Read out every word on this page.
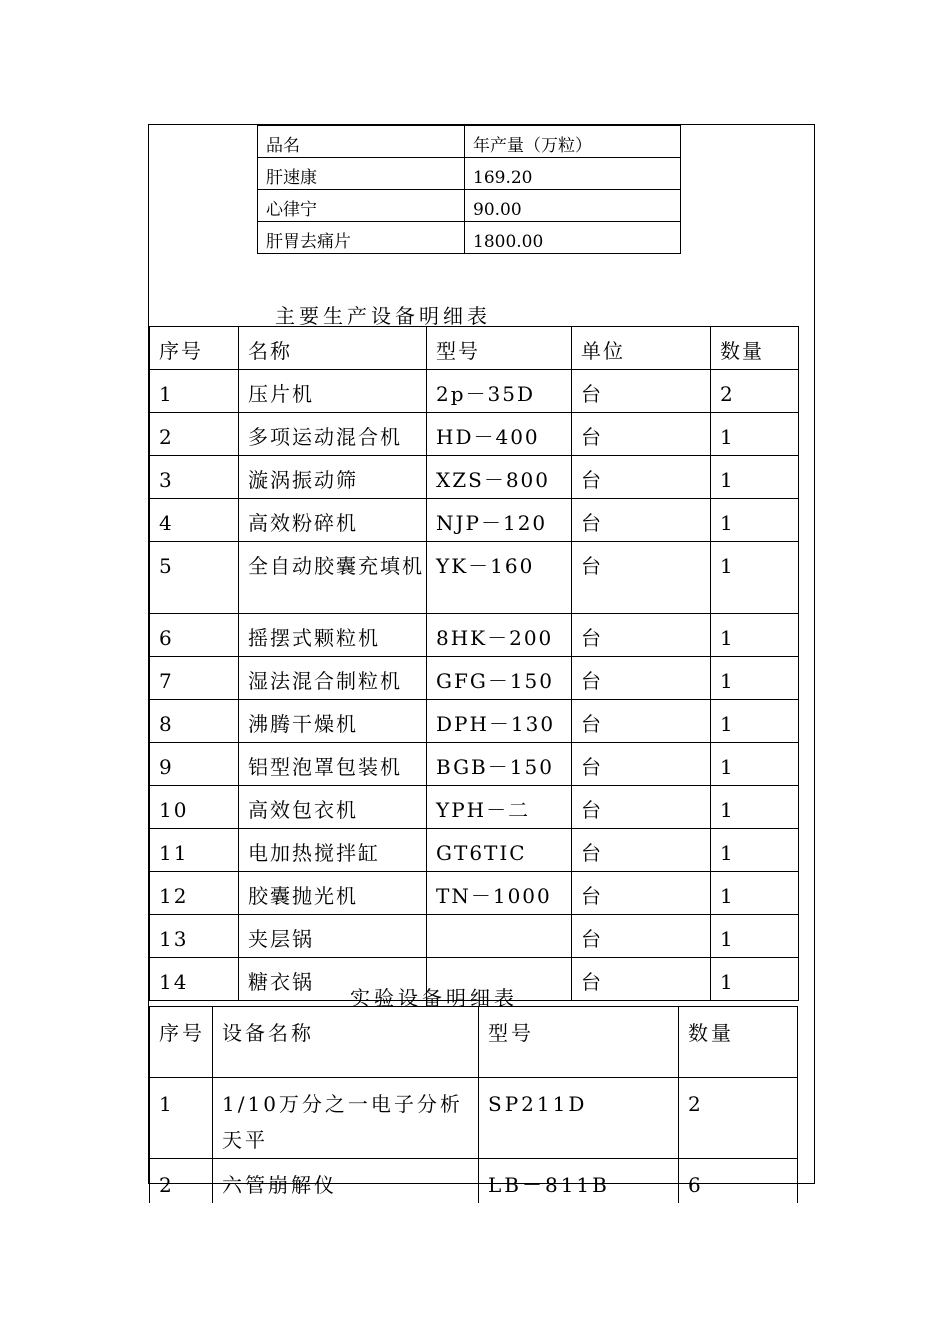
品名	年产量（万粒）
肝速康	169.20
心律宁	90.00
肝胃去痛片	1800.00
主要生产设备明细表
序号	名称	型号	单位	数量
1	压片机	2p－35D	台	2
2	多项运动混合机	HD－400	台	1
3	漩涡振动筛	XZS－800	台	1
4	高效粉碎机	NJP－120	台	1
5	全自动胶囊充填机	YK－160	台	1
6	摇摆式颗粒机	8HK－200	台	1
7	湿法混合制粒机	GFG－150	台	1
8	沸腾干燥机	DPH－130	台	1
9	铝型泡罩包装机	BGB－150	台	1
10	高效包衣机	YPH－二	台	1
11	电加热搅拌缸	GT6TIC	台	1
12	胶囊抛光机	TN－1000	台	1
13	夹层锅		台	1
14	糖衣锅		台	1
实验设备明细表
序号	设备名称	型号	数量
1	1/10万分之一电子分析天平	SP211D	2
2	六管崩解仪	LB－811B	6
